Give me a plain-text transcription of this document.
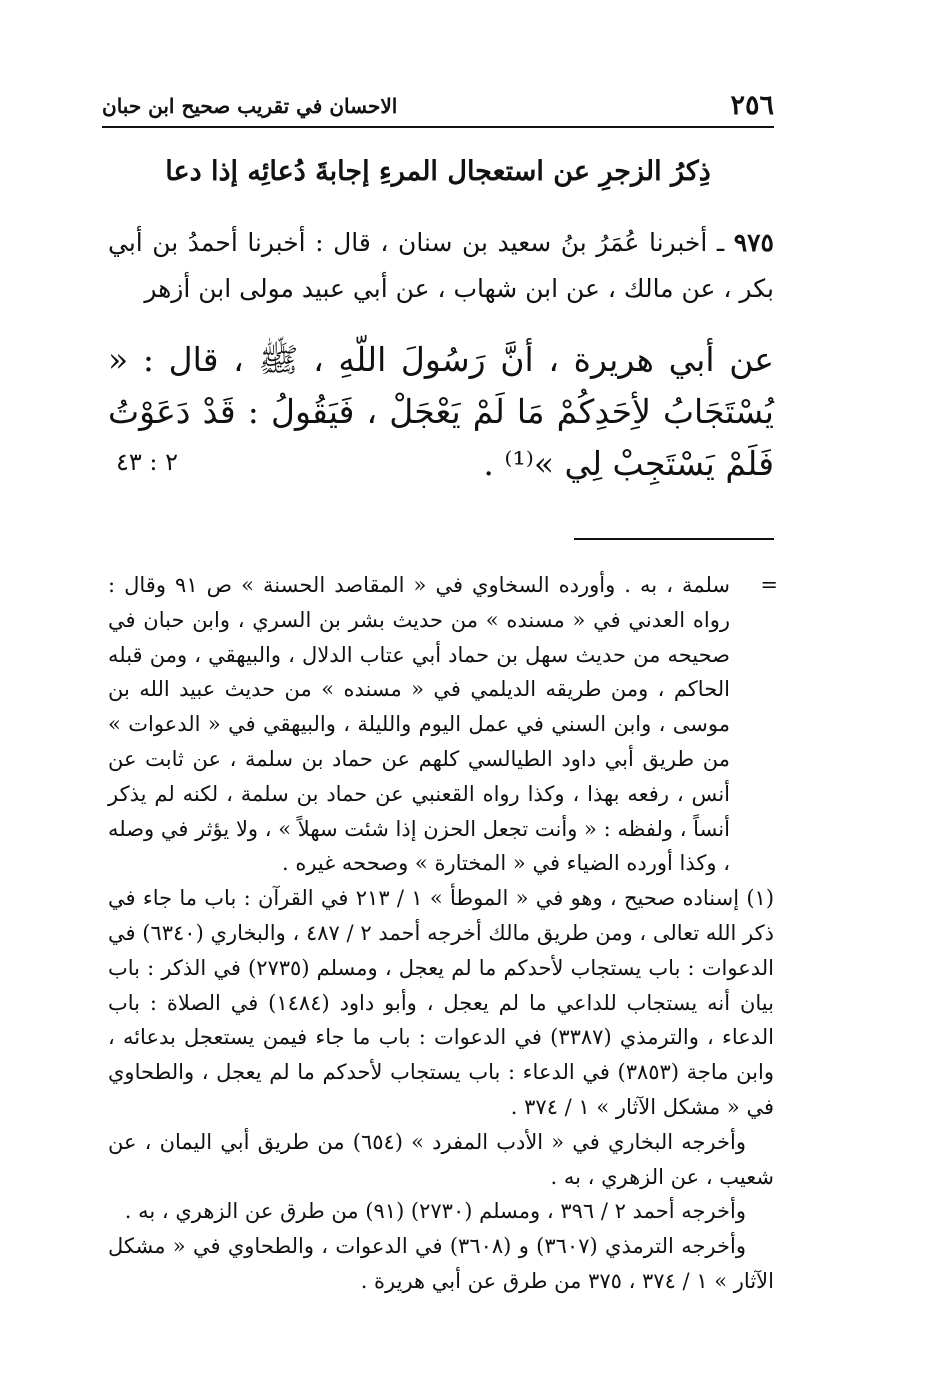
٢٥٦
الاحسان في تقريب صحيح ابن حبان
ذِكرُ الزجرِ عن استعجال المرءِ إجابةَ دُعائِه إذا دعا
٩٧٥ ـ أخبرنا عُمَرُ بنُ سعيد بن سنان ، قال : أخبرنا أحمدُ بن أبي بكر ، عن مالك ، عن ابن شهاب ، عن أبي عبيد مولى ابن أزهر
عن أبي هريرة ، أنَّ رَسُولَ اللّهِ ، ﷺ ، قال : « يُسْتَجَابُ لأِحَدِكُمْ مَا لَمْ يَعْجَلْ ، فَيَقُولُ : قَدْ دَعَوْتُ فَلَمْ يَسْتَجِبْ لِي »⁽¹⁾ .
٢ : ٤٣
=
سلمة ، به . وأورده السخاوي في « المقاصد الحسنة » ص ٩١ وقال : رواه العدني في « مسنده » من حديث بشر بن السري ، وابن حبان في صحيحه من حديث سهل بن حماد أبي عتاب الدلال ، والبيهقي ، ومن قبله الحاكم ، ومن طريقه الديلمي في « مسنده » من حديث عبيد الله بن موسى ، وابن السني في عمل اليوم والليلة ، والبيهقي في « الدعوات » من طريق أبي داود الطيالسي كلهم عن حماد بن سلمة ، عن ثابت عن أنس ، رفعه بهذا ، وكذا رواه القعنبي عن حماد بن سلمة ، لكنه لم يذكر أنساً ، ولفظه : « وأنت تجعل الحزن إذا شئت سهلاً » ، ولا يؤثر في وصله ، وكذا أورده الضياء في « المختارة » وصححه غيره .
(١) إسناده صحيح ، وهو في « الموطأ » ١ / ٢١٣ في القرآن : باب ما جاء في ذكر الله تعالى ، ومن طريق مالك أخرجه أحمد ٢ / ٤٨٧ ، والبخاري (٦٣٤٠) في الدعوات : باب يستجاب لأحدكم ما لم يعجل ، ومسلم (٢٧٣٥) في الذكر : باب بيان أنه يستجاب للداعي ما لم يعجل ، وأبو داود (١٤٨٤) في الصلاة : باب الدعاء ، والترمذي (٣٣٨٧) في الدعوات : باب ما جاء فيمن يستعجل بدعائه ، وابن ماجة (٣٨٥٣) في الدعاء : باب يستجاب لأحدكم ما لم يعجل ، والطحاوي في « مشكل الآثار » ١ / ٣٧٤ .
وأخرجه البخاري في « الأدب المفرد » (٦٥٤) من طريق أبي اليمان ، عن شعيب ، عن الزهري ، به .
وأخرجه أحمد ٢ / ٣٩٦ ، ومسلم (٢٧٣٠) (٩١) من طرق عن الزهري ، به .
وأخرجه الترمذي (٣٦٠٧) و (٣٦٠٨) في الدعوات ، والطحاوي في « مشكل الآثار » ١ / ٣٧٤ ، ٣٧٥ من طرق عن أبي هريرة .
